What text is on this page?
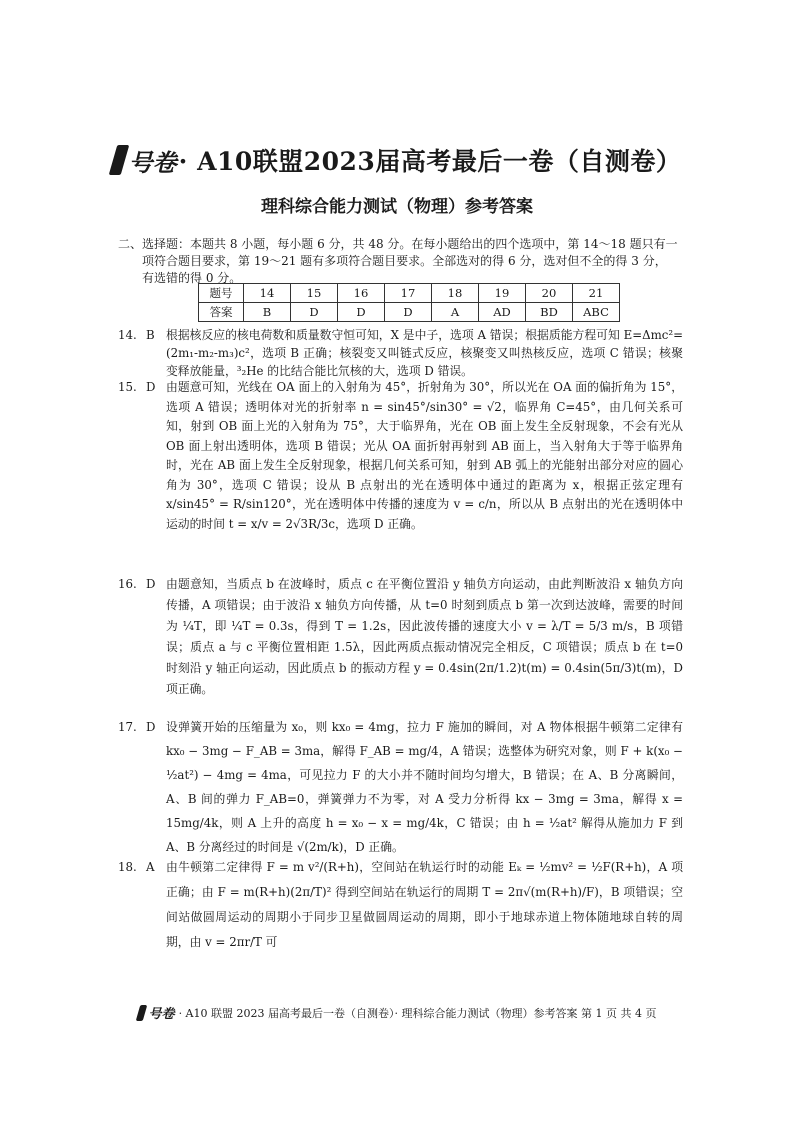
号卷 · A10联盟2023届高考最后一卷（自测卷）
理科综合能力测试（物理）参考答案
二、 选择题：本题共 8 小题，每小题 6 分，共 48 分。在每小题给出的四个选项中，第 14～18 题只有一项符合题目要求，第 19～21 题有多项符合题目要求。全部选对的得 6 分，选对但不全的得 3 分，有选错的得 0 分。
题号	14	15	16	17	18	19	20	21
答案	B	D	D	D	A	AD	BD	ABC
14. B 根据核反应的核电荷数和质量数守恒可知，X 是中子，选项 A 错误；根据质能方程可知 E=Δmc²=(2m₁-m₂-m₃)c²，选项 B 正确；核裂变又叫链式反应，核聚变又叫热核反应，选项 C 错误；核聚变释放能量，³₂He 的比结合能比氘核的大，选项 D 错误。
15. D 由题意可知，光线在 OA 面上的入射角为 45°，折射角为 30°，所以光在 OA 面的偏折角为 15°，选项 A 错误；透明体对光的折射率 n = sin45°/sin30° = √2，临界角 C=45°，由几何关系可知，射到 OB 面上光的入射角为 75°，大于临界角，光在 OB 面上发生全反射现象，不会有光从 OB 面上射出透明体，选项 B 错误；光从 OA 面折射再射到 AB 面上，当入射角大于等于临界角时，光在 AB 面上发生全反射现象，根据几何关系可知，射到 AB 弧上的光能射出部分对应的圆心角为 30°，选项 C 错误；设从 B 点射出的光在透明体中通过的距离为 x，根据正弦定理有 x/sin45° = R/sin120°，光在透明体中传播的速度为 v = c/n，所以从 B 点射出的光在透明体中运动的时间 t = x/v = 2√3R/3c，选项 D 正确。
16. D 由题意知，当质点 b 在波峰时，质点 c 在平衡位置沿 y 轴负方向运动，由此判断波沿 x 轴负方向传播，A 项错误；由于波沿 x 轴负方向传播，从 t=0 时刻到质点 b 第一次到达波峰，需要的时间为 ¼T，即 ¼T = 0.3s，得到 T = 1.2s，因此波传播的速度大小 v = λ/T = 5/3 m/s，B 项错误；质点 a 与 c 平衡位置相距 1.5λ，因此两质点振动情况完全相反，C 项错误；质点 b 在 t=0 时刻沿 y 轴正向运动，因此质点 b 的振动方程 y = 0.4sin(2π/1.2)t(m) = 0.4sin(5π/3)t(m)，D 项正确。
17. D 设弹簧开始的压缩量为 x₀，则 kx₀ = 4mg，拉力 F 施加的瞬间，对 A 物体根据牛顿第二定律有 kx₀ − 3mg − F_AB = 3ma，解得 F_AB = mg/4，A 错误；选整体为研究对象，则 F + k(x₀ − ½at²) − 4mg = 4ma，可见拉力 F 的大小并不随时间均匀增大，B 错误；在 A、B 分离瞬间，A、B 间的弹力 F_AB=0，弹簧弹力不为零，对 A 受力分析得 kx − 3mg = 3ma，解得 x = 15mg/4k，则 A 上升的高度 h = x₀ − x = mg/4k，C 错误；由 h = ½at² 解得从施加力 F 到 A、B 分离经过的时间是 √(2m/k)，D 正确。
18. A 由牛顿第二定律得 F = m v²/(R+h)，空间站在轨运行时的动能 Eₖ = ½mv² = ½F(R+h)，A 项正确；由 F = m(R+h)(2π/T)² 得到空间站在轨运行的周期 T = 2π√(m(R+h)/F)，B 项错误；空间站做圆周运动的周期小于同步卫星做圆周运动的周期，即小于地球赤道上物体随地球自转的周期，由 v = 2πr/T 可
号卷 · A10 联盟 2023 届高考最后一卷（自测卷）· 理科综合能力测试（物理）参考答案 第 1 页 共 4 页
